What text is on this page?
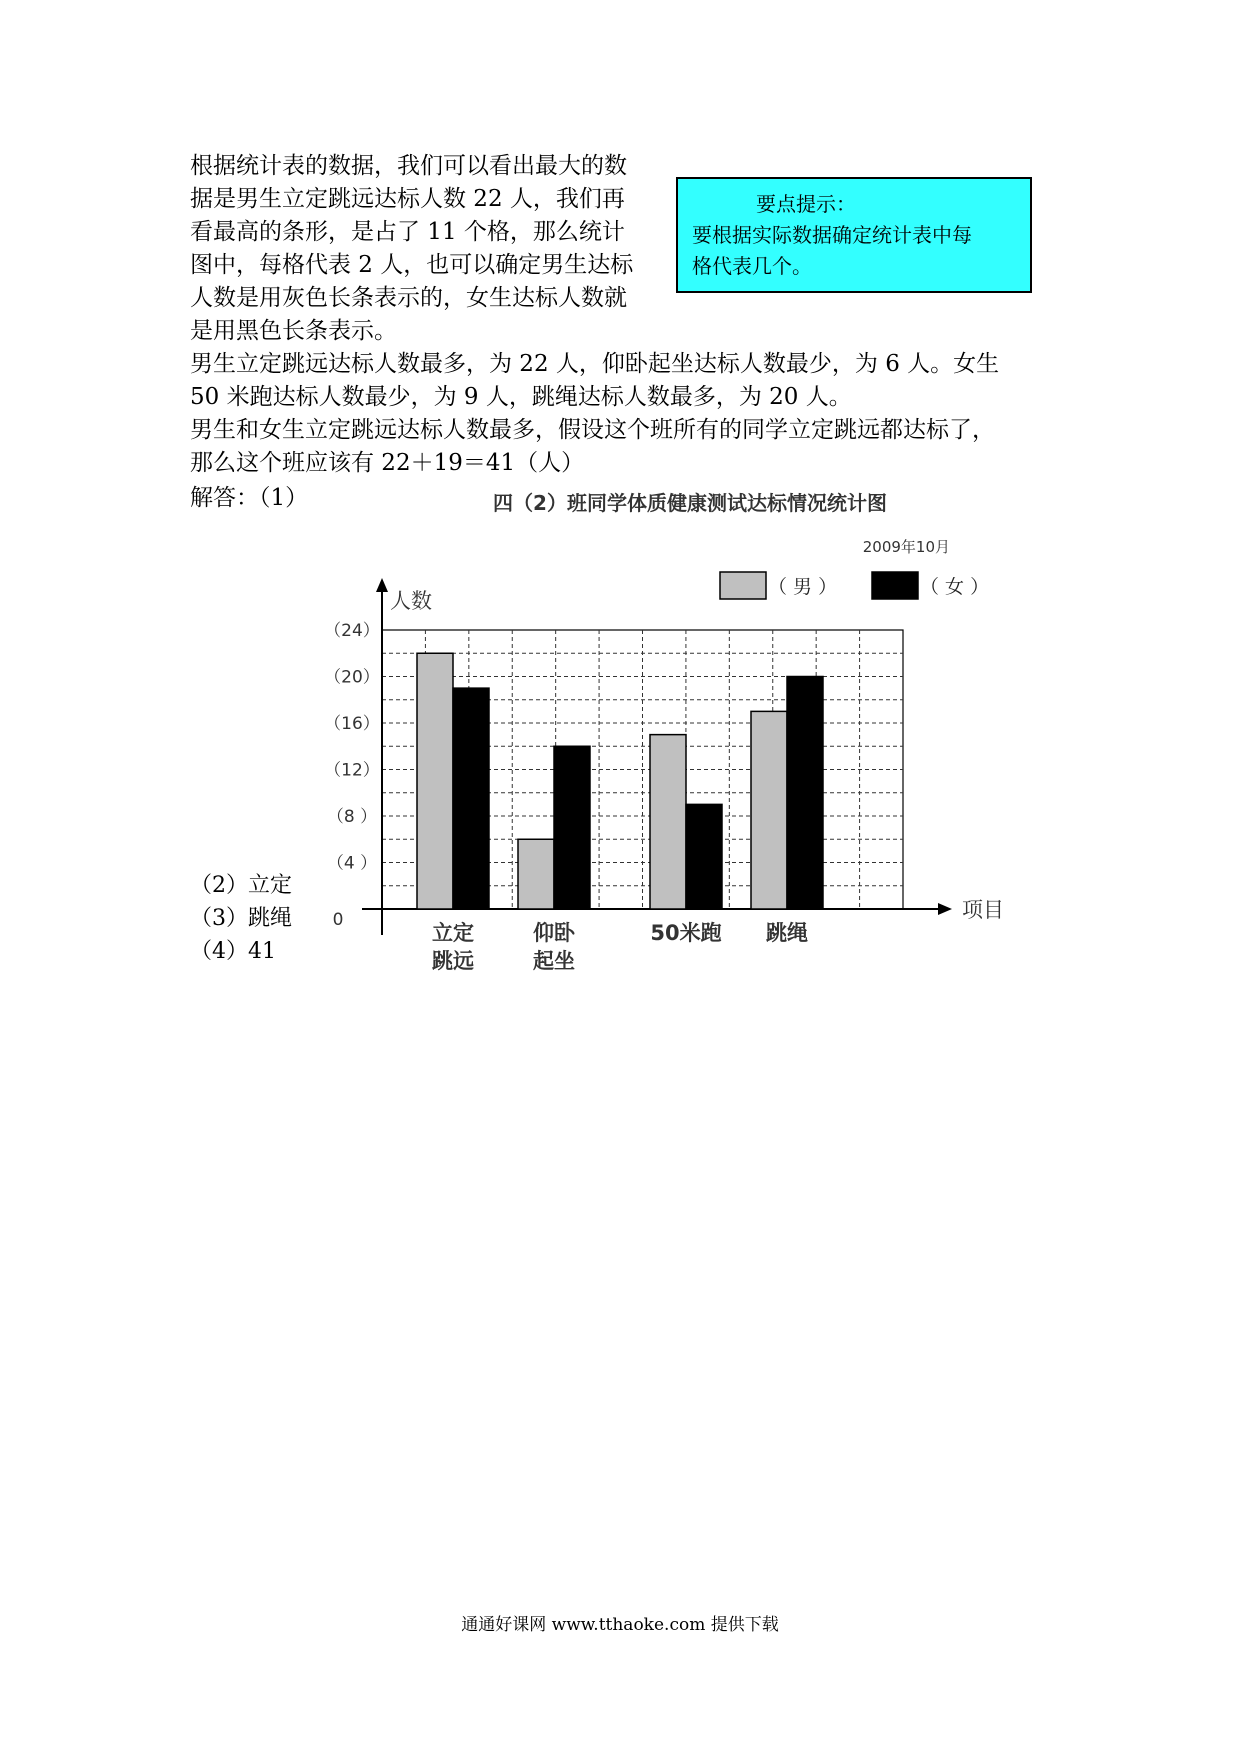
根据统计表的数据，我们可以看出最大的数
据是男生立定跳远达标人数 22 人，我们再
看最高的条形，是占了 11 个格，那么统计
图中，每格代表 2 人，也可以确定男生达标
人数是用灰色长条表示的，女生达标人数就
是用黑色长条表示。
要点提示：
要根据实际数据确定统计表中每
格代表几个。
男生立定跳远达标人数最多，为 22 人，仰卧起坐达标人数最少，为 6 人。女生
50 米跑达标人数最少，为 9 人，跳绳达标人数最多，为 20 人。
男生和女生立定跳远达标人数最多，假设这个班所有的同学立定跳远都达标了，
那么这个班应该有 22＋19＝41（人）
解答：（1）	四（2）班同学体质健康测试达标情况统计图
2009年10月
（ 男 ）	（ 女 ）
人数
项目
0
（4 ）
（8 ）
（12）
（16）
（20）
（24）
立定
跳远
仰卧
起坐
50米跑 跳绳
（2）立定
（3）跳绳
（4）41
通通好课网 www.tthaoke.com 提供下载
